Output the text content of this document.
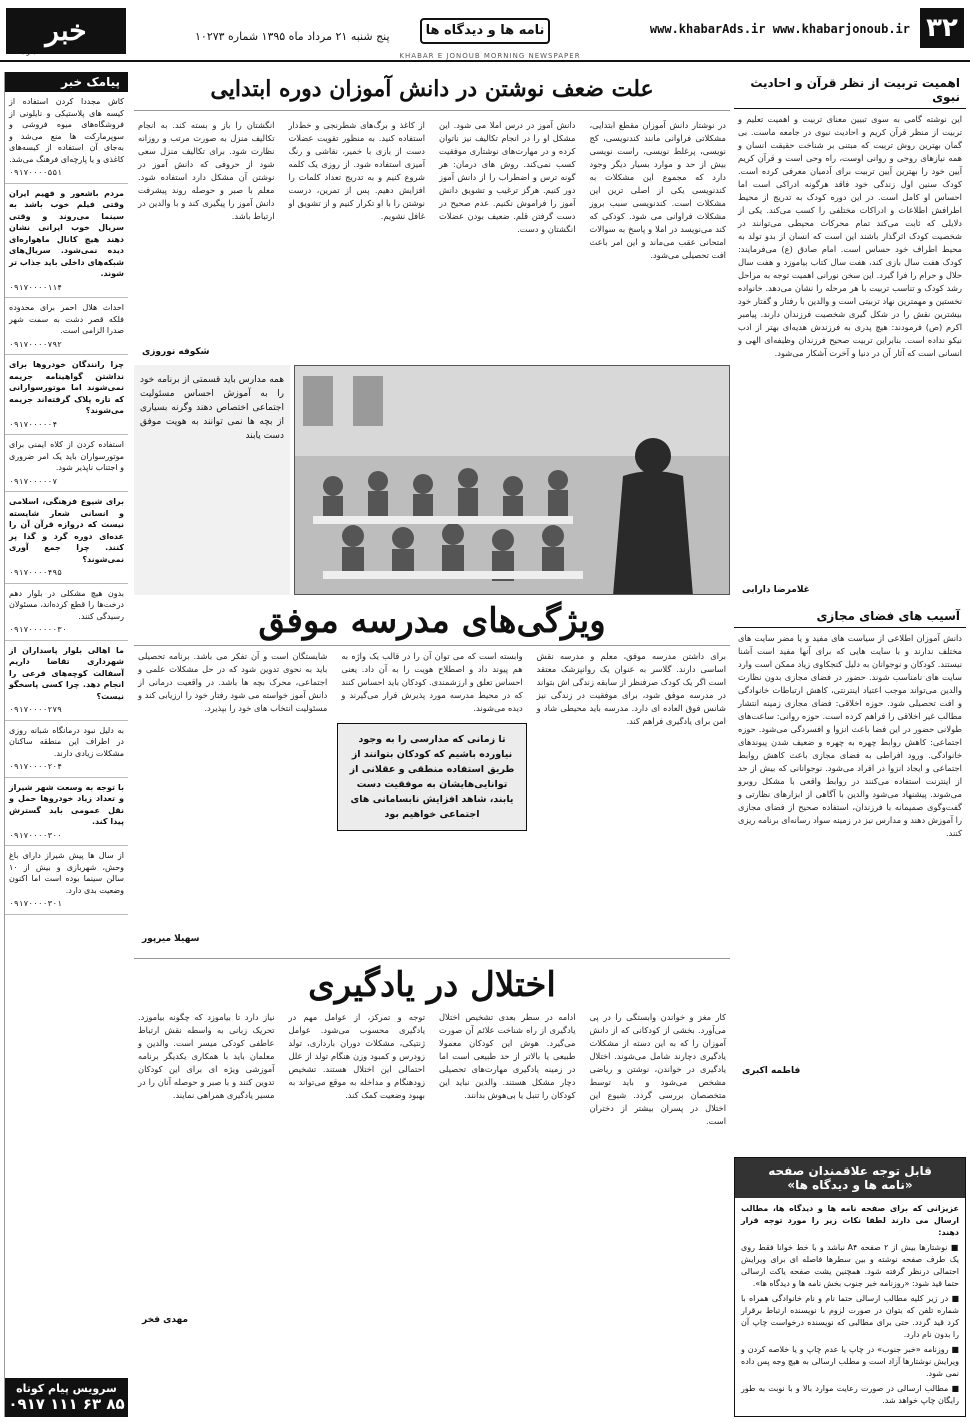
۳۲
www.khabarAds.ir www.khabarjonoub.ir
نامه ها و دیدگاه ها
پنج شنبه ۲۱ مرداد ماه ۱۳۹۵ شماره ۱۰۲۷۳
خبر
جنوب	KHABAR E JONOUB MORNING NEWSPAPER
اهمیت تربیت از نظر قرآن و احادیث نبوی
این نوشته گامی به سوی تبیین معنای تربیت و اهمیت تعلیم و تربیت از منظر قرآن کریم و احادیث نبوی در جامعه ماست. بی گمان بهترین روش تربیت که مبتنی بر شناخت حقیقت انسان و همه نیازهای روحی و روانی اوست، راه وحی است و قرآن کریم آیین خود را بهترین آیین تربیت برای آدمیان معرفی کرده است. کودک سنین اول زندگی خود فاقد هرگونه ادراکی است اما احساس او کامل است. در این دوره کودک به تدریج از محیط اطرافش اطلاعات و ادراکات مختلفی را کسب می‌کند. یکی از دلایلی که ثابت می‌کند تمام محرکات محیطی می‌توانند در شخصیت کودک اثرگذار باشند این است که انسان از بدو تولد به محیط اطراف خود حساس است. امام صادق (ع) می‌فرمایند: کودک هفت سال بازی کند، هفت سال کتاب بیاموزد و هفت سال حلال و حرام را فرا گیرد. این سخن نورانی اهمیت توجه به مراحل رشد کودک و تناسب تربیت با هر مرحله را نشان می‌دهد. خانواده نخستین و مهمترین نهاد تربیتی است و والدین با رفتار و گفتار خود بیشترین نقش را در شکل گیری شخصیت فرزندان دارند. پیامبر اکرم (ص) فرمودند: هیچ پدری به فرزندش هدیه‌ای بهتر از ادب نیکو نداده است. بنابراین تربیت صحیح فرزندان وظیفه‌ای الهی و انسانی است که آثار آن در دنیا و آخرت آشکار می‌شود.
غلامرضا دارابی
آسیب های فضای مجازی
دانش آموزان اطلاعی از سیاست های مفید و یا مضر سایت های مختلف ندارند و با سایت هایی که برای آنها مفید است آشنا نیستند. کودکان و نوجوانان به دلیل کنجکاوی زیاد ممکن است وارد سایت های نامناسب شوند. حضور در فضای مجازی بدون نظارت والدین می‌تواند موجب اعتیاد اینترنتی، کاهش ارتباطات خانوادگی و افت تحصیلی شود. حوزه اخلاقی: فضای مجازی زمینه انتشار مطالب غیر اخلاقی را فراهم کرده است. حوزه روانی: ساعت‌های طولانی حضور در این فضا باعث انزوا و افسردگی می‌شود. حوزه اجتماعی: کاهش روابط چهره به چهره و ضعیف شدن پیوندهای خانوادگی. ورود افراطی به فضای مجازی باعث کاهش روابط اجتماعی و ایجاد انزوا در افراد می‌شود. نوجوانانی که بیش از حد از اینترنت استفاده می‌کنند در روابط واقعی با مشکل روبرو می‌شوند. پیشنهاد می‌شود والدین با آگاهی از ابزارهای نظارتی و گفت‌وگوی صمیمانه با فرزندان، استفاده صحیح از فضای مجازی را آموزش دهند و مدارس نیز در زمینه سواد رسانه‌ای برنامه ریزی کنند.
فاطمه اکبری
قابل توجه علاقمندان صفحه
«نامه ها و دیدگاه ها»

عزیزانی که برای صفحه نامه ها و دیدگاه ها، مطالب ارسال می دارند لطفا نکات زیر را مورد توجه قرار دهند:

■ نوشتارها بیش از ۲ صفحه A۴ نباشد و با خط خوانا فقط روی یک طرف صفحه نوشته و بین سطرها فاصله ای برای ویرایش احتمالی درنظر گرفته شود. همچنین یشت صفحه یاکت ارسالی حتما قید شود: «روزنامه خبر جنوب بخش نامه ها و دیدگاه ها».

■ در زیر کلیه مطالب ارسالی حتما نام و نام خانوادگی همراه با شماره تلفن که بتوان در صورت لزوم با نویسنده ارتباط برقرار کرد قید گردد. حتی برای مطالبی که نویسنده درخواست چاپ آن را بدون نام دارد.

■ روزنامه «خبر جنوب» در چاپ یا عدم چاپ و یا خلاصه کردن و ویرایش نوشتارها آزاد است و مطلب ارسالی به هیچ وجه پس داده نمی شود.

■ مطالب ارسالی در صورت رعایت موارد بالا و با نوبت به طور رایگان چاپ خواهد شد.

پیامک خبر
کاش مجددا کردن استفاده از کیسه های پلاستیکی و نایلونی از فروشگاه‌های میوه فروشی و سوپرمارکت ها منع می‌شد و به‌جای آن استفاده از کیسه‌های کاغذی و یا پارچه‌ای فرهنگ می‌شد.
۰۹۱۷۰۰۰۰۵۵۱
مردم باشعور و فهیم ایران وقتی فیلم خوب باشد به سینما می‌روند و وقتی سریال خوب ایرانی نشان دهند هیچ کانال ماهواره‌ای دیده نمی‌شود. سریال‌های شبکه‌های داخلی باید جذاب تر شوند.
۰۹۱۷۰۰۰۰۱۱۴
احداث هلال احمر برای محدوده فلکه قصر دشت به سمت شهر صدرا الزامی است.
۰۹۱۷۰۰۰۰۷۹۲
چرا رانندگان خودروها برای نداشتن گواهینامه جریمه نمی‌شوند اما موتورسوارانی که تازه پلاک گرفته‌اند جریمه می‌شوند؟
۰۹۱۷۰۰۰۰۰۴
استفاده کردن از کلاه ایمنی برای موتورسواران باید یک امر ضروری و اجتناب ناپذیر شود.
۰۹۱۷۰۰۰۰۰۷
برای شیوع فرهنگی، اسلامی و انسانی شعار شایسته نیست که دروازه قرآن آن را عده‌ای دوره گرد و گدا پر کنند. چرا جمع آوری نمی‌شوند؟
۰۹۱۷۰۰۰۰۴۹۵
بدون هیچ مشکلی در بلوار دهم درخت‌ها را قطع کرده‌اند، مسئولان رسیدگی کنند.
۰۹۱۷۰۰۰۰۰۰۳۰
ما اهالی بلوار پاسداران از شهرداری تقاضا داریم آسفالت کوچه‌های فرعی را انجام دهد. چرا کسی پاسخگو نیست؟
۰۹۱۷۰۰۰۰۲۷۹
به دلیل نبود درمانگاه شبانه روزی در اطراف این منطقه ساکنان مشکلات زیادی دارند.
۰۹۱۷۰۰۰۰۲۰۴
با توجه به وسعت شهر شیراز و تعداد زیاد خودروها حمل و نقل عمومی باید گسترش پیدا کند.
۰۹۱۷۰۰۰۰۳۰۰
از سال ها پیش شیراز دارای باغ وحش، شهربازی و بیش از ۱۰ سالن سینما بوده است اما اکنون وضعیت بدی دارد.
۰۹۱۷۰۰۰۰۳۰۱
سرویس پیام کوتاه
۰۹۱۷ ۱۱۱ ۶۳ ۸۵
علت ضعف نوشتن در دانش آموزان دوره ابتدایی
در نوشتار دانش آموزان مقطع ابتدایی، مشکلاتی فراوانی مانند کندنویسی، کج نویسی، پرغلط نویسی، راست نویسی بیش از حد و موارد بسیار دیگر وجود دارد که مجموع این مشکلات به کندنویسی یکی از اصلی ترین این مشکلات است. کندنویسی سبب بروز مشکلات فراوانی می شود. کودکی که کند می‌نویسد در املا و پاسخ به سوالات امتحانی عقب می‌ماند و این امر باعث افت تحصیلی می‌شود.
دانش آموز در درس املا می شود. این مشکل او را در انجام تکالیف نیز ناتوان کرده و در مهارت‌های نوشتاری موفقیت کسب نمی‌کند. روش های درمان: هر گونه ترس و اضطراب را از دانش آموز دور کنیم. هرگز ترغیب و تشویق دانش آموز را فراموش نکنیم. عدم صحیح در دست گرفتن قلم. ضعیف بودن عضلات انگشتان و دست.
از کاغذ و برگ‌های شطرنجی و خط‌دار استفاده کنید. به منظور تقویت عضلات دست از بازی با خمیر، نقاشی و رنگ آمیزی استفاده شود. از روزی یک کلمه شروع کنیم و به تدریج تعداد کلمات را افزایش دهیم. پس از تمرین، درست نوشتن را با او تکرار کنیم و از تشویق او غافل نشویم.
انگشتان را باز و بسته کند. به انجام تکالیف منزل به صورت مرتب و روزانه نظارت شود. برای تکالیف منزل سعی شود از حروفی که دانش آموز در نوشتن آن مشکل دارد استفاده شود. معلم با صبر و حوصله روند پیشرفت دانش آموز را پیگیری کند و با والدین در ارتباط باشد.
شکوفه نوروزی
همه مدارس باید قسمتی از برنامه خود را به آموزش احساس مسئولیت اجتماعی اختصاص دهند وگرنه بسیاری از بچه ها نمی توانند به هویت موفق دست یابند
ویژگی‌های مدرسه موفق
برای داشتن مدرسه موفق، معلم و مدرسه نقش اساسی دارند. گلاسر به عنوان یک روانپزشک معتقد است اگر یک کودک صرفنظر از سابقه زندگی اش بتواند در مدرسه موفق شود، برای موفقیت در زندگی نیز شانس فوق العاده ای دارد. مدرسه باید محیطی شاد و امن برای یادگیری فراهم کند.
وابسته است که می توان آن را در قالب یک واژه به هم پیوند داد و اصطلاح هویت را به آن داد. یعنی احساس تعلق و ارزشمندی. کودکان باید احساس کنند که در محیط مدرسه مورد پذیرش قرار می‌گیرند و دیده می‌شوند.
تا زمانی که مدارسی را به وجود نیاورده باشیم که کودکان بتوانند از طریق استفاده منطقی و عقلانی از توانایی‌هایشان به موفقیت دست یابند، شاهد افزایش نابسامانی های اجتماعی خواهیم بود
شایستگان است و آن تفکر می باشد. برنامه تحصیلی باید به نحوی تدوین شود که در حل مشکلات علمی و اجتماعی، محرک بچه ها باشد. در واقعیت درمانی از دانش آموز خواسته می شود رفتار خود را ارزیابی کند و مسئولیت انتخاب های خود را بپذیرد.
سهیلا میرپور
اختلال در یادگیری
کار مغز و خواندن وابستگی را در پی می‌آورد. بخشی از کودکانی که از دانش آموزان را که به این دسته از مشکلات یادگیری دچارند شامل می‌شوند. اختلال یادگیری در خواندن، نوشتن و ریاضی مشخص می‌شود و باید توسط متخصصان بررسی گردد. شیوع این اختلال در پسران بیشتر از دختران است.
ادامه در سطر بعدی تشخیص اختلال یادگیری از راه شناخت علائم آن صورت می‌گیرد. هوش این کودکان معمولا طبیعی یا بالاتر از حد طبیعی است اما در زمینه یادگیری مهارت‌های تحصیلی دچار مشکل هستند. والدین نباید این کودکان را تنبل یا بی‌هوش بدانند.
توجه و تمرکز، از عوامل مهم در یادگیری محسوب می‌شود. عوامل ژنتیکی، مشکلات دوران بارداری، تولد زودرس و کمبود وزن هنگام تولد از علل احتمالی این اختلال هستند. تشخیص زودهنگام و مداخله به موقع می‌تواند به بهبود وضعیت کمک کند.
نیاز دارد تا بیاموزد که چگونه بیاموزد. تحریک زبانی به واسطه نقش ارتباط عاطفی کودکی میسر است. والدین و معلمان باید با همکاری یکدیگر برنامه آموزشی ویژه ای برای این کودکان تدوین کنند و با صبر و حوصله آنان را در مسیر یادگیری همراهی نمایند.
مهدی فخر
